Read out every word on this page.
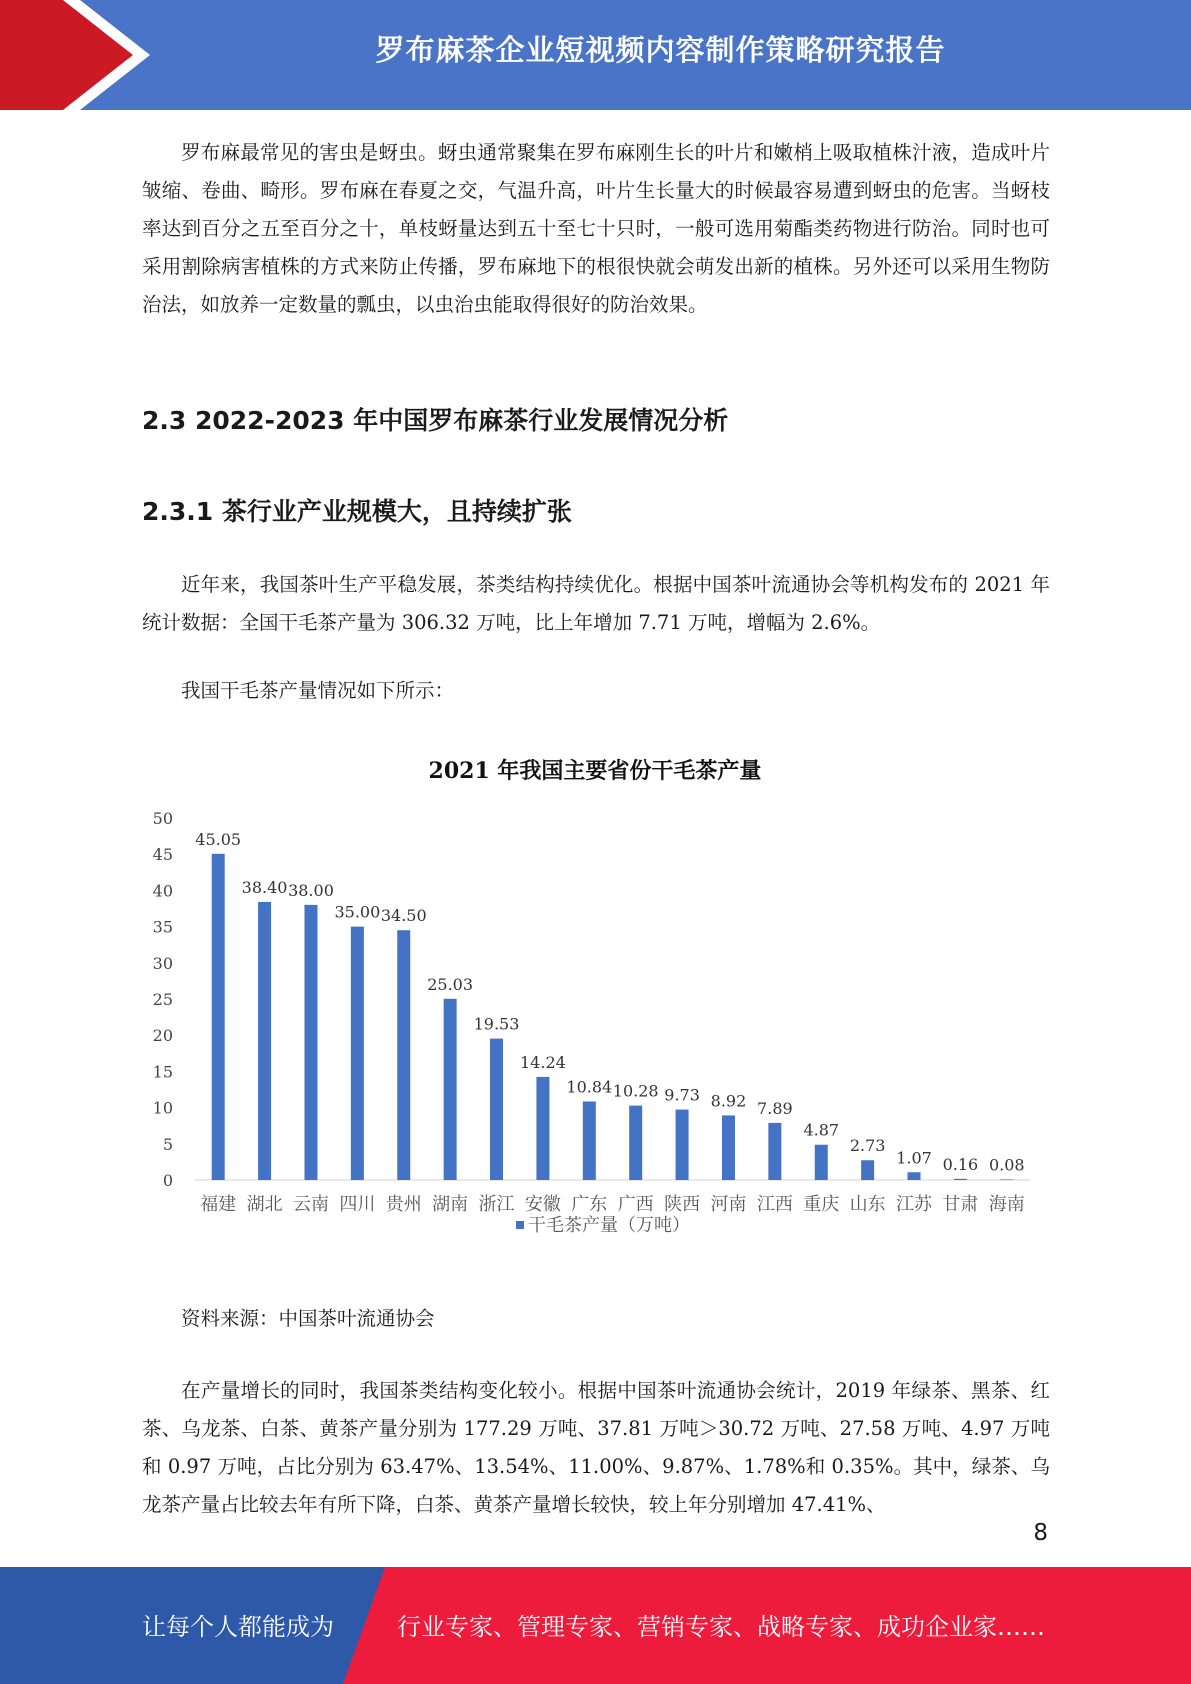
罗布麻茶企业短视频内容制作策略研究报告

罗布麻最常见的害虫是蚜虫。蚜虫通常聚集在罗布麻刚生长的叶片和嫩梢上吸取植株汁液，造成叶片皱缩、卷曲、畸形。罗布麻在春夏之交，气温升高，叶片生长量大的时候最容易遭到蚜虫的危害。当蚜枝率达到百分之五至百分之十，单枝蚜量达到五十至七十只时，一般可选用菊酯类药物进行防治。同时也可采用割除病害植株的方式来防止传播，罗布麻地下的根很快就会萌发出新的植株。另外还可以采用生物防治法，如放养一定数量的瓢虫，以虫治虫能取得很好的防治效果。

2.3 2022-2023 年中国罗布麻茶行业发展情况分析
2.3.1 茶行业产业规模大，且持续扩张

近年来，我国茶叶生产平稳发展，茶类结构持续优化。根据中国茶叶流通协会等机构发布的 2021 年统计数据：全国干毛茶产量为 306.32 万吨，比上年增加 7.71 万吨，增幅为 2.6%。

我国干毛茶产量情况如下所示：

2021 年我国主要省份干毛茶产量
0
5
10
15
20
25
30
35
40
45
50
45.05
福建
38.40
湖北
38.00
云南
35.00
四川
34.50
贵州
25.03
湖南
19.53
浙江
14.24
安徽
10.84
广东
10.28
广西
9.73
陕西
8.92
河南
7.89
江西
4.87
重庆
2.73
山东
1.07
江苏
0.16
甘肃
0.08
海南
干毛茶产量（万吨）

资料来源：中国茶叶流通协会

在产量增长的同时，我国茶类结构变化较小。根据中国茶叶流通协会统计，2019 年绿茶、黑茶、红茶、乌龙茶、白茶、黄茶产量分别为 177.29 万吨、37.81 万吨＞30.72 万吨、27.58 万吨、4.97 万吨和 0.97 万吨，占比分别为 63.47%、13.54%、11.00%、9.87%、1.78%和 0.35%。其中，绿茶、乌龙茶产量占比较去年有所下降，白茶、黄茶产量增长较快，较上年分别增加 47.41%、

8
让每个人都能成为	行业专家、管理专家、营销专家、战略专家、成功企业家……
